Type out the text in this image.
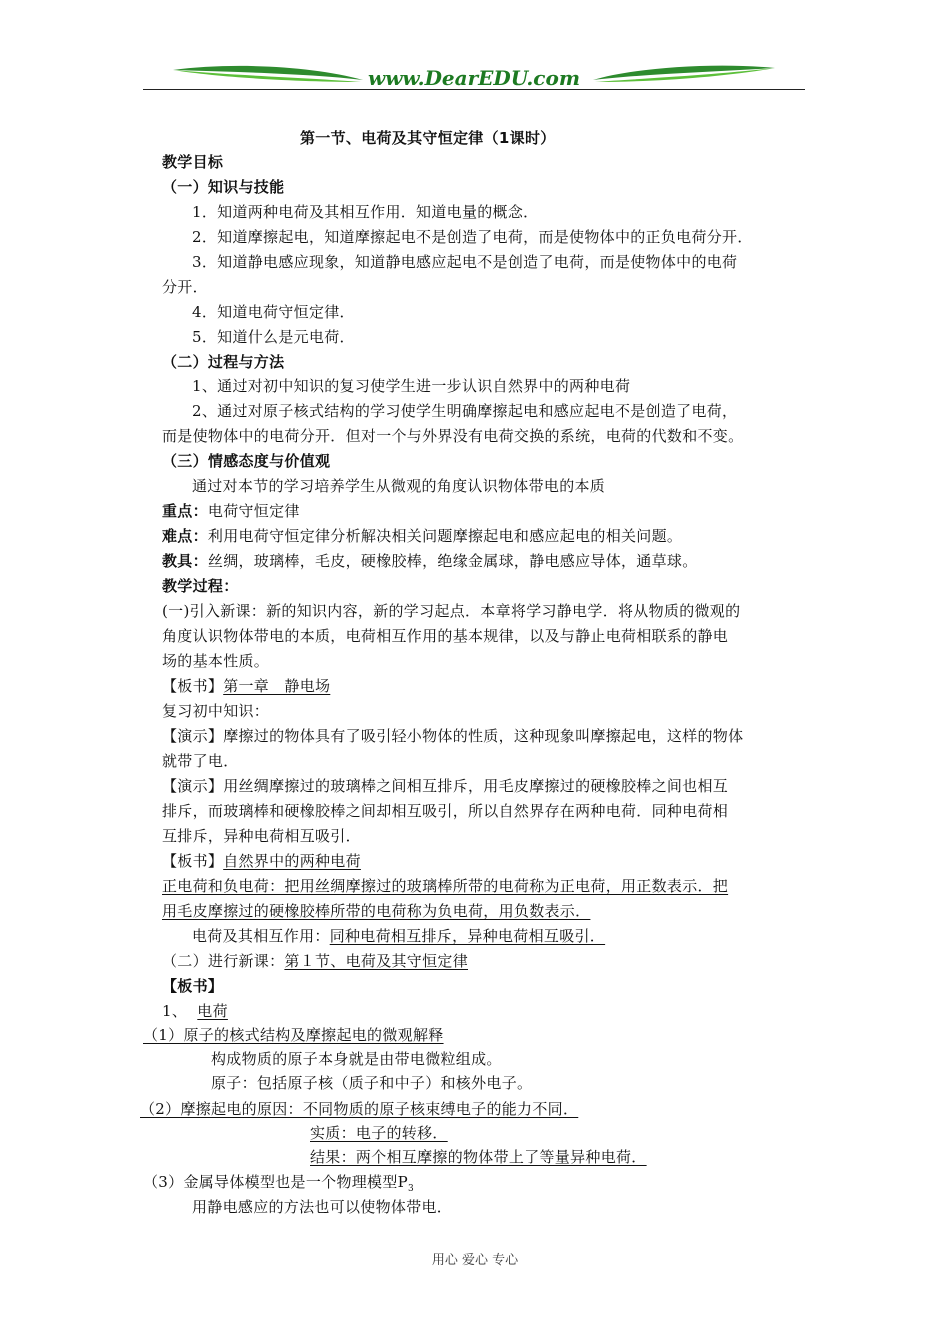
www.DearEDU.com
第一节、电荷及其守恒定律（1课时）
教学目标
（一）知识与技能
1．知道两种电荷及其相互作用．知道电量的概念．
2．知道摩擦起电，知道摩擦起电不是创造了电荷，而是使物体中的正负电荷分开．
3．知道静电感应现象，知道静电感应起电不是创造了电荷，而是使物体中的电荷
分开．
4．知道电荷守恒定律．
5．知道什么是元电荷．
（二）过程与方法
1、通过对初中知识的复习使学生进一步认识自然界中的两种电荷
2、通过对原子核式结构的学习使学生明确摩擦起电和感应起电不是创造了电荷，
而是使物体中的电荷分开．但对一个与外界没有电荷交换的系统，电荷的代数和不变。
（三）情感态度与价值观
通过对本节的学习培养学生从微观的角度认识物体带电的本质
重点：电荷守恒定律
难点：利用电荷守恒定律分析解决相关问题摩擦起电和感应起电的相关问题。
教具：丝绸，玻璃棒，毛皮，硬橡胶棒，绝缘金属球，静电感应导体，通草球。
教学过程：
(一)引入新课：新的知识内容，新的学习起点．本章将学习静电学．将从物质的微观的
角度认识物体带电的本质，电荷相互作用的基本规律，以及与静止电荷相联系的静电
场的基本性质。
【板书】第一章　静电场
复习初中知识：
【演示】摩擦过的物体具有了吸引轻小物体的性质，这种现象叫摩擦起电，这样的物体
就带了电．
【演示】用丝绸摩擦过的玻璃棒之间相互排斥，用毛皮摩擦过的硬橡胶棒之间也相互
排斥，而玻璃棒和硬橡胶棒之间却相互吸引，所以自然界存在两种电荷．同种电荷相
互排斥，异种电荷相互吸引．
【板书】自然界中的两种电荷
正电荷和负电荷：把用丝绸摩擦过的玻璃棒所带的电荷称为正电荷，用正数表示．把
用毛皮摩擦过的硬橡胶棒所带的电荷称为负电荷，用负数表示．
电荷及其相互作用：同种电荷相互排斥，异种电荷相互吸引．
（二）进行新课：第１节、电荷及其守恒定律
【板书】
1、 电荷
（1）原子的核式结构及摩擦起电的微观解释
构成物质的原子本身就是由带电微粒组成。
原子：包括原子核（质子和中子）和核外电子。
（2）摩擦起电的原因：不同物质的原子核束缚电子的能力不同．
实质：电子的转移．
结果：两个相互摩擦的物体带上了等量异种电荷．
（3）金属导体模型也是一个物理模型$P_3$
用静电感应的方法也可以使物体带电．
用心 爱心 专心
